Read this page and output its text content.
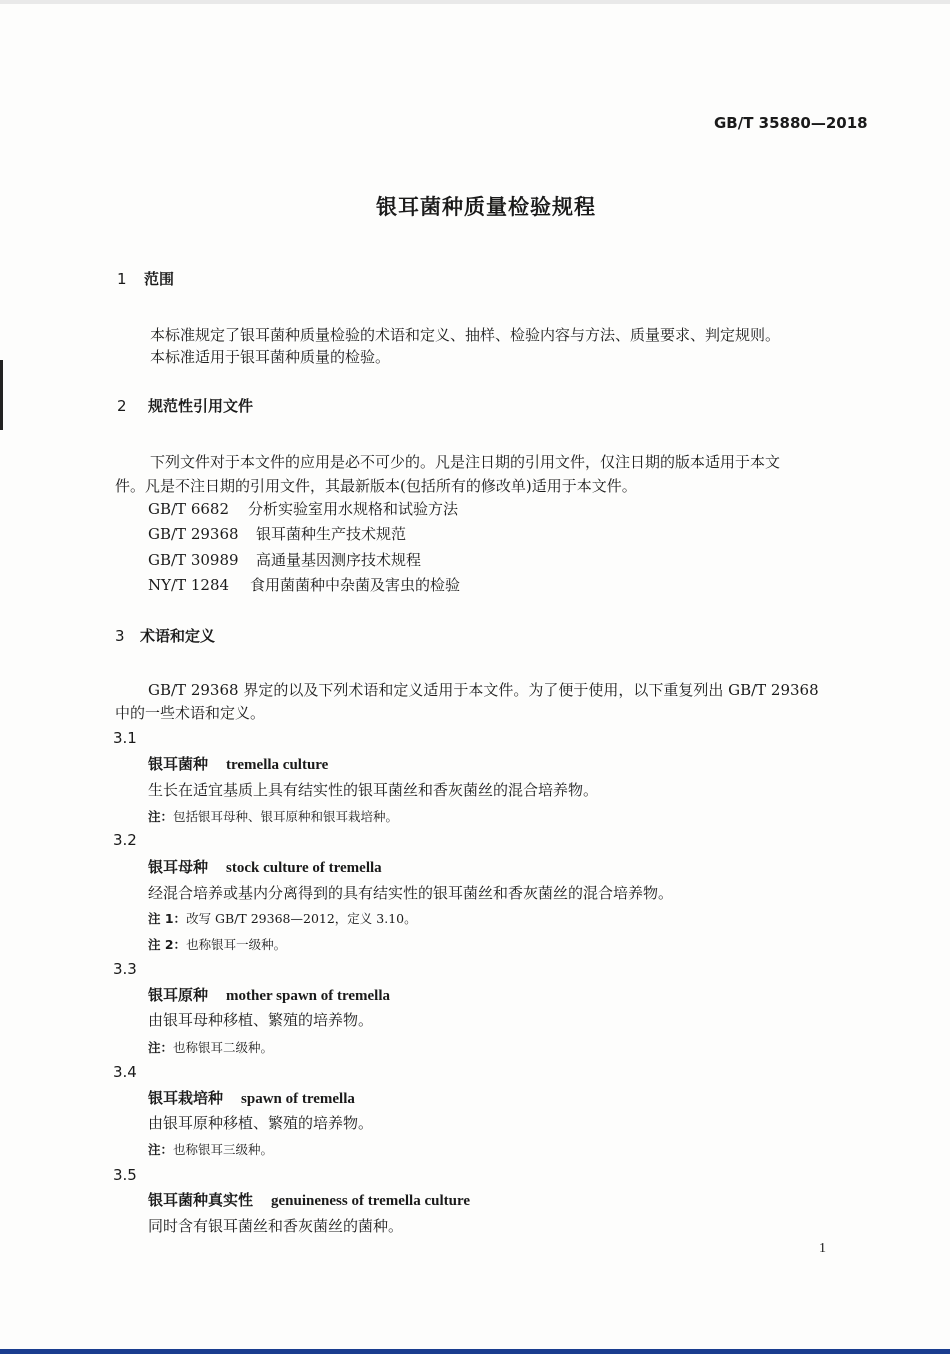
GB/T 35880—2018
银耳菌种质量检验规程
1 范围
本标准规定了银耳菌种质量检验的术语和定义、抽样、检验内容与方法、质量要求、判定规则。
本标准适用于银耳菌种质量的检验。
2 规范性引用文件
下列文件对于本文件的应用是必不可少的。凡是注日期的引用文件，仅注日期的版本适用于本文
件。凡是不注日期的引用文件，其最新版本(包括所有的修改单)适用于本文件。
GB/T 6682 分析实验室用水规格和试验方法
GB/T 29368 银耳菌种生产技术规范
GB/T 30989 高通量基因测序技术规程
NY/T 1284 食用菌菌种中杂菌及害虫的检验
3 术语和定义
GB/T 29368 界定的以及下列术语和定义适用于本文件。为了便于使用，以下重复列出 GB/T 29368
中的一些术语和定义。
3.1
银耳菌种 tremella culture
生长在适宜基质上具有结实性的银耳菌丝和香灰菌丝的混合培养物。
注：包括银耳母种、银耳原种和银耳栽培种。
3.2
银耳母种 stock culture of tremella
经混合培养或基内分离得到的具有结实性的银耳菌丝和香灰菌丝的混合培养物。
注 1：改写 GB/T 29368—2012，定义 3.10。
注 2：也称银耳一级种。
3.3
银耳原种 mother spawn of tremella
由银耳母种移植、繁殖的培养物。
注：也称银耳二级种。
3.4
银耳栽培种 spawn of tremella
由银耳原种移植、繁殖的培养物。
注：也称银耳三级种。
3.5
银耳菌种真实性 genuineness of tremella culture
同时含有银耳菌丝和香灰菌丝的菌种。
1
